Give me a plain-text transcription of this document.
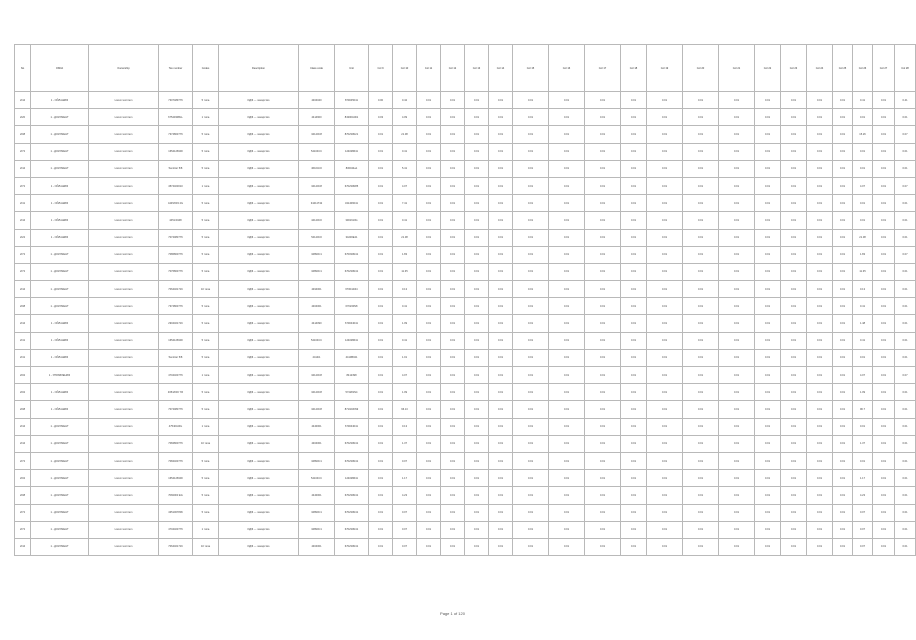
No	OKDA	Ownership	Tax number	Codes	Description	Class code	Unit	Col 9	Col 10	Col 11	Col 12	Col 13	Col 14	Col 15	Col 16	Col 17	Col 18	Col 19	Col 20	Col 21	Col 22	Col 23	Col 24	Col 25	Col 26	Col 27	Col 28
2/44	1 - ОЙЛАШИЯ	Lorem text item	7307489776	5 типа	ИДФ — лекарство	4464040	870045041	0.00	0.42	0.01	0.01	0.01	0.01	0.01	0.01	0.01	0.01	0.01	0.01	0.01	0.01	0.01	0.01	0.01	0.41	0.01	0.41
2/20	1 - ДОКУМЕНТ	Lorem text item	6754030BLL	1 типа	ИДФ — лекарство	4414600	8430044D1	0.03	4.09	0.01	0.01	0.01	0.01	0.01	0.01	0.01	0.01	0.01	0.01	0.01	0.01	0.01	0.01	0.01	0.01	0.01	0.01
2/08	1 - ДОКУМЕНТ	Lorem text item	7374803776	5 типа	ИДФ — лекарство	34140C8	870230N21	0.01	21.38	0.01	0.01	0.01	0.01	0.01	0.01	0.01	0.01	0.01	0.01	0.01	0.01	0.01	0.01	0.01	15.26	0.01	0.07
2/72	1 - ДОКУМЕНТ	Lorem text item	1654126900	5 типа	ИДФ — лекарство	54104CC	1240MM41	0.01	0.41	0.01	0.01	0.01	0.01	0.01	0.01	0.01	0.01	0.01	0.01	0.01	0.01	0.01	0.01	0.01	0.01	0.01	0.01
2/44	1 - ДОКУМЕНТ	Lorem text item	5emitter 5/8	5 типа	ИДФ — лекарство	46104C0	830044a1	0.01	5.41	0.01	0.01	0.01	0.01	0.01	0.01	0.01	0.01	0.01	0.01	0.01	0.01	0.01	0.01	0.01	0.01	0.01	0.01
2/72	1 - ОЙЛАШИЯ	Lorem text item	4574403010	1 типа	ИДФ — лекарство	34140C8	670230N85	0.01	4.07	0.01	0.01	0.01	0.01	0.01	0.01	0.01	0.01	0.01	0.01	0.01	0.01	0.01	0.01	0.01	4.07	0.01	0.07
2/41	1 - ОЙЛАШИЯ	Lorem text item	4445/003 4G	5 типа	ИДФ — лекарство	34411T42	341406041	0.01	7.41	0.01	0.01	0.01	0.01	0.01	0.01	0.01	0.01	0.01	0.01	0.01	0.01	0.01	0.01	0.01	0.01	0.01	0.01
2/44	1 - ОЙЛАШИЯ	Lorem text item	4451/0448	5 типа	ИДФ — лекарство	44140C0	3001610G	0.01	0.41	0.01	0.01	0.01	0.01	0.01	0.01	0.01	0.01	0.01	0.01	0.01	0.01	0.01	0.01	0.01	0.01	0.01	0.01
2/22	1 - ОЙЛАШИЯ	Lorem text item	7074083776	5 типа	ИДФ — лекарство	54140C0	34230E41	0.01	21.38	0.01	0.01	0.01	0.01	0.01	0.01	0.01	0.01	0.01	0.01	0.01	0.01	0.01	0.01	0.01	21.38	0.01	0.01
2/72	1 - ДОКУМЕНТ	Lorem text item	7086800776	5 типа	ИДФ — лекарство	34890C1	670030N41	0.01	1.83	0.01	0.01	0.01	0.01	0.01	0.01	0.01	0.01	0.01	0.01	0.01	0.01	0.01	0.01	0.01	1.83	0.01	0.07
2/72	1 - ДОКУМЕНТ	Lorem text item	7076803776	5 типа	ИДФ — лекарство	34890C1	670230N41	0.01	11.35	0.01	0.01	0.01	0.01	0.01	0.01	0.01	0.01	0.01	0.01	0.01	0.01	0.01	0.01	0.01	11.35	0.01	0.01
2/44	1 - ДОКУМЕНТ	Lorem text item	7064401716	10 типа	ИДФ — лекарство	4494001	670044I44	0.01	0.13	0.01	0.01	0.01	0.01	0.01	0.01	0.01	0.01	0.01	0.01	0.01	0.01	0.01	0.01	0.01	0.13	0.01	0.01
2/08	1 - ДОКУМЕНТ	Lorem text item	7374803776	5 типа	ИДФ — лекарство	4464001	670230N8	0.01	0.41	0.01	0.01	0.01	0.01	0.01	0.01	0.01	0.01	0.01	0.01	0.01	0.01	0.01	0.01	0.01	0.41	0.01	0.01
2/44	1 - ОЙЛАШИЯ	Lorem text item	2904401716	5 типа	ИДФ — лекарство	4414090	670044041	0.01	1.09	0.01	0.01	0.01	0.01	0.01	0.01	0.01	0.01	0.01	0.01	0.01	0.01	0.01	0.01	0.01	1.48	0.01	0.01
2/41	1 - ОЙЛАШИЯ	Lorem text item	1654126900	5 типа	ИДФ — лекарство	54104CC	1240MM41	0.01	0.41	0.01	0.01	0.01	0.01	0.01	0.01	0.01	0.01	0.01	0.01	0.01	0.01	0.01	0.01	0.01	0.41	0.01	0.01
2/41	1 - ОЙЛАШИЯ	Lorem text item	5emitter 5/8	5 типа	ИДФ — лекарство	4414I1	4410B041	0.01	1.01	0.01	0.01	0.01	0.01	0.01	0.01	0.01	0.01	0.01	0.01	0.01	0.01	0.01	0.01	0.01	0.01	0.01	0.01
2/02	1 - УПРАВЛЕНИЯ	Lorem text item	4704403776	1 типа	ИДФ — лекарство	34140C8	8412398	0.01	4.07	0.01	0.01	0.01	0.01	0.01	0.01	0.01	0.01	0.01	0.01	0.01	0.01	0.01	0.01	0.01	4.07	0.01	0.07
2/02	1 - ОЙЛАШИЯ	Lorem text item	4654/003 7/6	5 типа	ИДФ — лекарство	34140C8	574281N4	0.01	1.09	0.01	0.01	0.01	0.01	0.01	0.01	0.01	0.01	0.01	0.01	0.01	0.01	0.01	0.01	0.01	1.09	0.01	0.01
2/08	1 - ОЙЛАШИЯ	Lorem text item	7074083776	5 типа	ИДФ — лекарство	34140C8	8710230N9	0.01	96.13	0.01	0.01	0.01	0.01	0.01	0.01	0.01	0.01	0.01	0.01	0.01	0.01	0.01	0.01	0.01	96.7	0.01	0.01
2/44	1 - ДОКУМЕНТ	Lorem text item	4754044DL	1 типа	ИДФ — лекарство	4440001	670044041	0.01	0.13	0.01	0.01	0.01	0.01	0.01	0.01	0.01	0.01	0.01	0.01	0.01	0.01	0.01	0.01	0.01	0.01	0.01	0.01
2/44	1 - ДОКУМЕНТ	Lorem text item	7084800776	10 типа	ИДФ — лекарство	4464001	670230N41	0.01	1.37	0.01	0.01	0.01	0.01	0.01	0.01	0.01	0.01	0.01	0.01	0.01	0.01	0.01	0.01	0.01	1.37	0.01	0.01
2/72	1 - ДОКУМЕНТ	Lorem text item	7084403776	5 типа	ИДФ — лекарство	34890C1	670230N41	0.01	0.07	0.01	0.01	0.01	0.01	0.01	0.01	0.01	0.01	0.01	0.01	0.01	0.01	0.01	0.01	0.01	0.01	0.01	0.01
2/02	1 - ДОКУМЕНТ	Lorem text item	1654126900	5 типа	ИДФ — лекарство	54104CC	1240MM41	0.01	1.17	0.01	0.01	0.01	0.01	0.01	0.01	0.01	0.01	0.01	0.01	0.01	0.01	0.01	0.01	0.01	1.17	0.01	0.01
2/08	1 - ДОКУМЕНТ	Lorem text item	7084003 EG	5 типа	ИДФ — лекарство	4440001	670230N41	0.01	4.23	0.01	0.01	0.01	0.01	0.01	0.01	0.01	0.01	0.01	0.01	0.01	0.01	0.01	0.01	0.01	4.23	0.01	0.01
2/72	1 - ДОКУМЕНТ	Lorem text item	4351007806	5 типа	ИДФ — лекарство	34890C1	670230N41	0.01	0.07	0.01	0.01	0.01	0.01	0.01	0.01	0.01	0.01	0.01	0.01	0.01	0.01	0.01	0.01	0.01	0.07	0.01	0.01
2/72	1 - ДОКУМЕНТ	Lorem text item	4704403776	1 типа	ИДФ — лекарство	34890C1	670230N41	0.01	0.07	0.01	0.01	0.01	0.01	0.01	0.01	0.01	0.01	0.01	0.01	0.01	0.01	0.01	0.01	0.01	0.07	0.01	0.01
2/44	1 - ДОКУМЕНТ	Lorem text item	7064401716	10 типа	ИДФ — лекарство	4464001	670230N41	0.01	0.07	0.01	0.01	0.01	0.01	0.01	0.01	0.01	0.01	0.01	0.01	0.01	0.01	0.01	0.01	0.01	0.07	0.01	0.01
Page 1 of 120
